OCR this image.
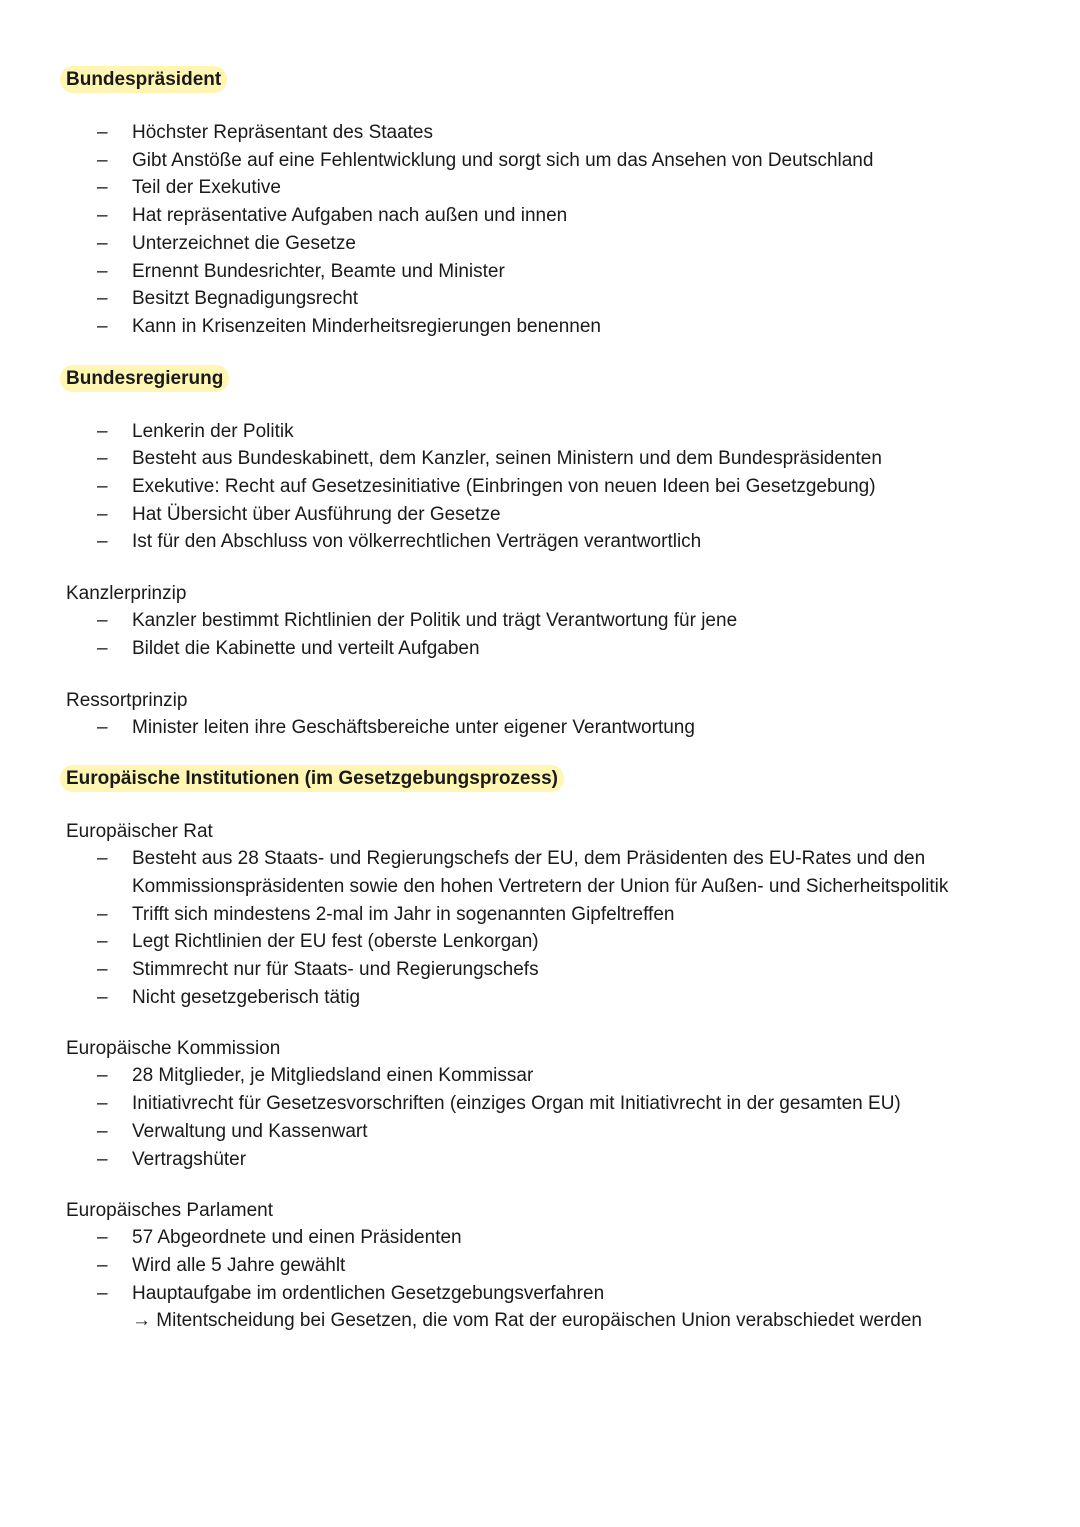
Bundespräsident
– Höchster Repräsentant des Staates
– Gibt Anstöße auf eine Fehlentwicklung und sorgt sich um das Ansehen von Deutschland
– Teil der Exekutive
– Hat repräsentative Aufgaben nach außen und innen
– Unterzeichnet die Gesetze
– Ernennt Bundesrichter, Beamte und Minister
– Besitzt Begnadigungsrecht
– Kann in Krisenzeiten Minderheitsregierungen benennen
Bundesregierung
– Lenkerin der Politik
– Besteht aus Bundeskabinett, dem Kanzler, seinen Ministern und dem Bundespräsidenten
– Exekutive: Recht auf Gesetzesinitiative (Einbringen von neuen Ideen bei Gesetzgebung)
– Hat Übersicht über Ausführung der Gesetze
– Ist für den Abschluss von völkerrechtlichen Verträgen verantwortlich
Kanzlerprinzip
– Kanzler bestimmt Richtlinien der Politik und trägt Verantwortung für jene
– Bildet die Kabinette und verteilt Aufgaben
Ressortprinzip
– Minister leiten ihre Geschäftsbereiche unter eigener Verantwortung
Europäische Institutionen (im Gesetzgebungsprozess)
Europäischer Rat
– Besteht aus 28 Staats- und Regierungschefs der EU, dem Präsidenten des EU-Rates und den
Kommissionspräsidenten sowie den hohen Vertretern der Union für Außen- und Sicherheitspolitik
– Trifft sich mindestens 2-mal im Jahr in sogenannten Gipfeltreffen
– Legt Richtlinien der EU fest (oberste Lenkorgan)
– Stimmrecht nur für Staats- und Regierungschefs
– Nicht gesetzgeberisch tätig
Europäische Kommission
– 28 Mitglieder, je Mitgliedsland einen Kommissar
– Initiativrecht für Gesetzesvorschriften (einziges Organ mit Initiativrecht in der gesamten EU)
– Verwaltung und Kassenwart
– Vertragshüter
Europäisches Parlament
– 57 Abgeordnete und einen Präsidenten
– Wird alle 5 Jahre gewählt
– Hauptaufgabe im ordentlichen Gesetzgebungsverfahren
→ Mitentscheidung bei Gesetzen, die vom Rat der europäischen Union verabschiedet werden
